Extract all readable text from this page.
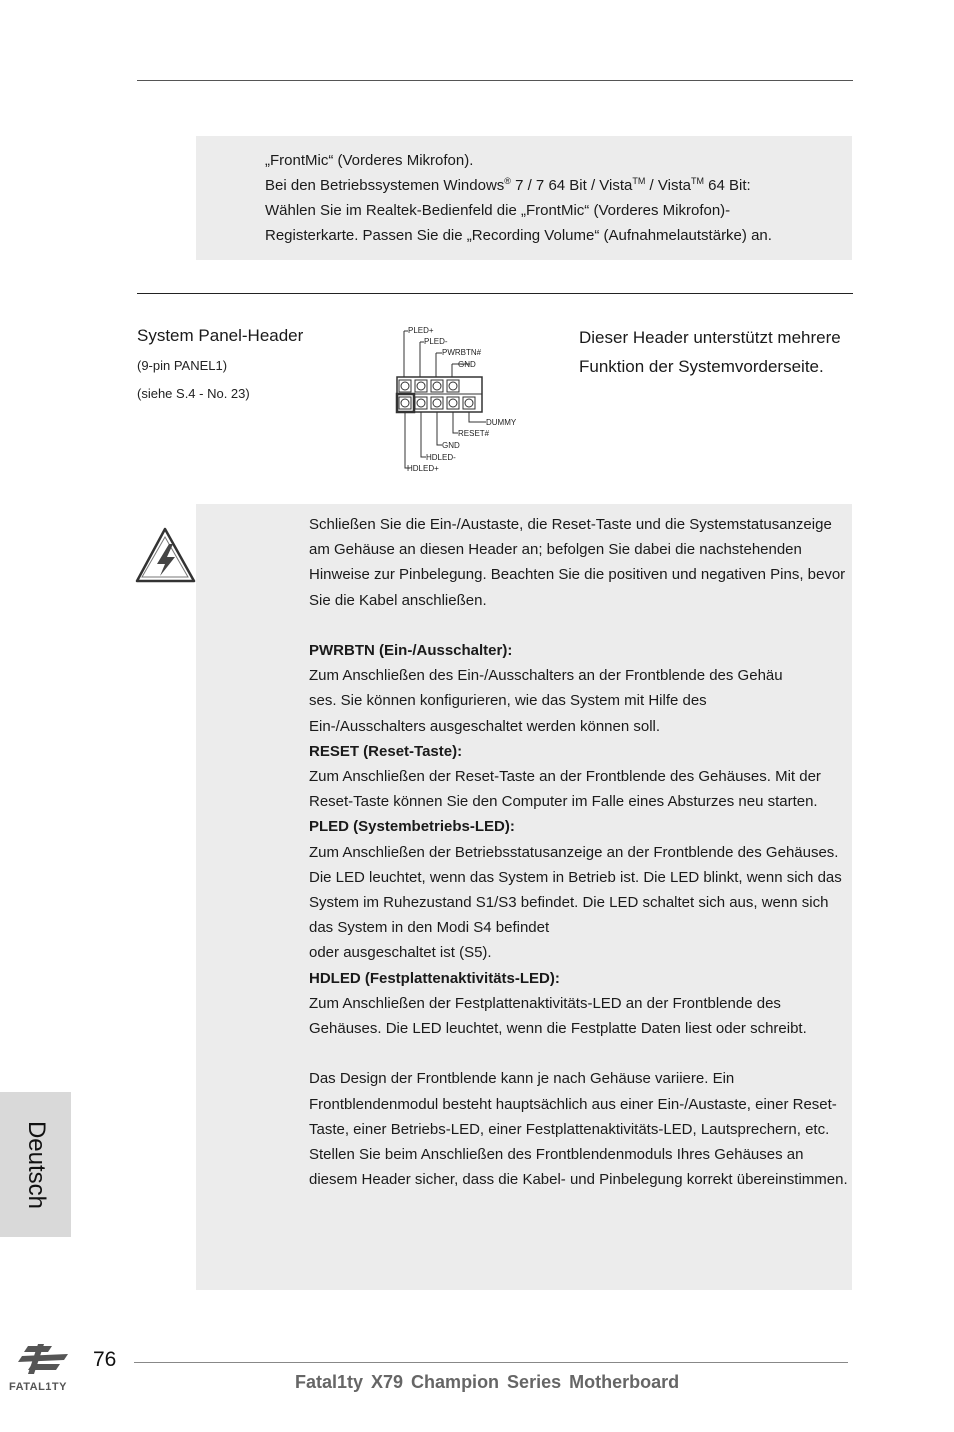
„FrontMic“ (Vorderes Mikrofon).
Bei den Betriebssystemen Windows® 7 / 7 64 Bit / Vista™ / Vista™ 64 Bit:
Wählen Sie im Realtek-Bedienfeld die „FrontMic“ (Vorderes Mikrofon)-
Registerkarte. Passen Sie die „Recording Volume“ (Aufnahmelautstärke) an.
System Panel-Header
(9-pin PANEL1)
(siehe S.4 - No. 23)
Dieser Header unterstützt mehrere Funktion der Systemvorderseite.
PLED+
PLED-
PWRBTN#
GND
DUMMY
RESET#
GND
HDLED-
HDLED+

Schließen Sie die Ein-/Austaste, die Reset-Taste und die Systemstatusanzeige am Gehäuse an diesen Header an; befolgen Sie dabei die nachstehenden Hinweise zur Pinbelegung. Beachten Sie die positiven und negativen Pins, bevor Sie die Kabel anschließen.

PWRBTN (Ein-/Ausschalter):

Zum Anschließen des Ein-/Ausschalters an der Frontblende des Gehäu

ses. Sie können konfigurieren, wie das System mit Hilfe des

Ein-/Ausschalters ausgeschaltet werden können soll.

RESET (Reset-Taste):

Zum Anschließen der Reset-Taste an der Frontblende des Gehäuses. Mit der Reset-Taste können Sie den Computer im Falle eines Absturzes neu starten.

PLED (Systembetriebs-LED):

Zum Anschließen der Betriebsstatusanzeige an der Frontblende des Gehäuses. Die LED leuchtet, wenn das System in Betrieb ist. Die LED blinkt, wenn sich das System im Ruhezustand S1/S3 befindet. Die LED schaltet sich aus, wenn sich das System in den Modi S4 befindet

oder ausgeschaltet ist (S5).

HDLED (Festplattenaktivitäts-LED):

Zum Anschließen der Festplattenaktivitäts-LED an der Frontblende des Gehäuses. Die LED leuchtet, wenn die Festplatte Daten liest oder schreibt.

Das Design der Frontblende kann je nach Gehäuse variiere. Ein Frontblendenmodul besteht hauptsächlich aus einer Ein-/Austaste, einer Reset-Taste, einer Betriebs-LED, einer Festplattenaktivitäts-LED, Lautsprechern, etc. Stellen Sie beim Anschließen des Frontblendenmoduls Ihres Gehäuses an diesem Header sicher, dass die Kabel- und Pinbelegung korrekt übereinstimmen.

Deutsch
FATAL1TY
76
Fatal1ty X79 Champion Series Motherboard
